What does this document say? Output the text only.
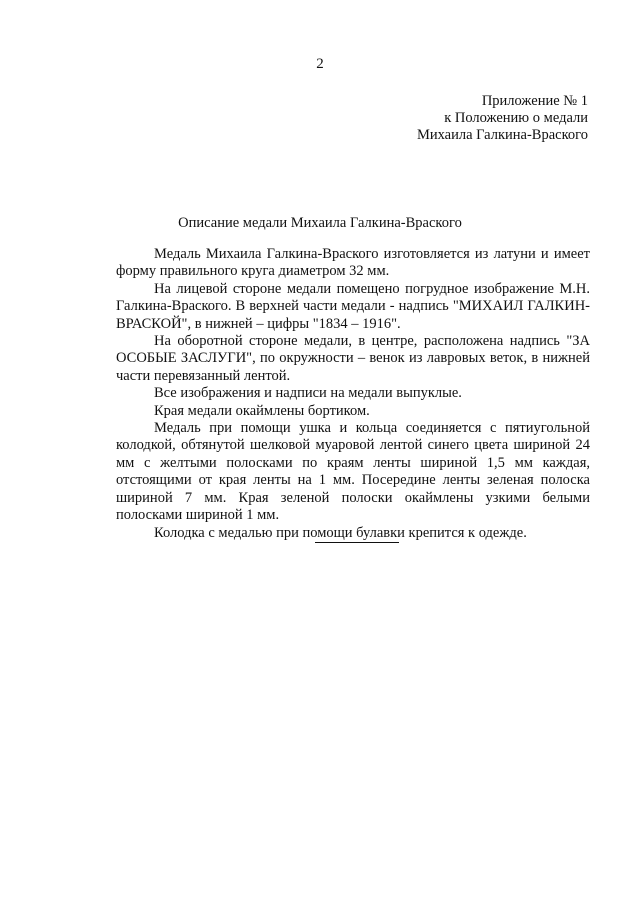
2
Приложение № 1
к Положению о медали
Михаила Галкина-Враского
Описание медали Михаила Галкина-Враского

Медаль Михаила Галкина-Враского изготовляется из латуни и имеет форму правильного круга диаметром 32 мм.

На лицевой стороне медали помещено погрудное изображение М.Н. Галкина-Враского. В верхней части медали - надпись "МИХАИЛ ГАЛКИН-ВРАСКОЙ", в нижней – цифры "1834 – 1916".

На оборотной стороне медали, в центре, расположена надпись "ЗА ОСОБЫЕ ЗАСЛУГИ", по окружности – венок из лавровых веток, в нижней части перевязанный лентой.

Все изображения и надписи на медали выпуклые.

Края медали окаймлены бортиком.

Медаль при помощи ушка и кольца соединяется с пятиугольной колодкой, обтянутой шелковой муаровой лентой синего цвета шириной 24 мм с желтыми полосками по краям ленты шириной 1,5 мм каждая, отстоящими от края ленты на 1 мм. Посередине ленты зеленая полоска шириной 7 мм. Края зеленой полоски окаймлены узкими белыми полосками шириной 1 мм.

Колодка с медалью при помощи булавки крепится к одежде.
